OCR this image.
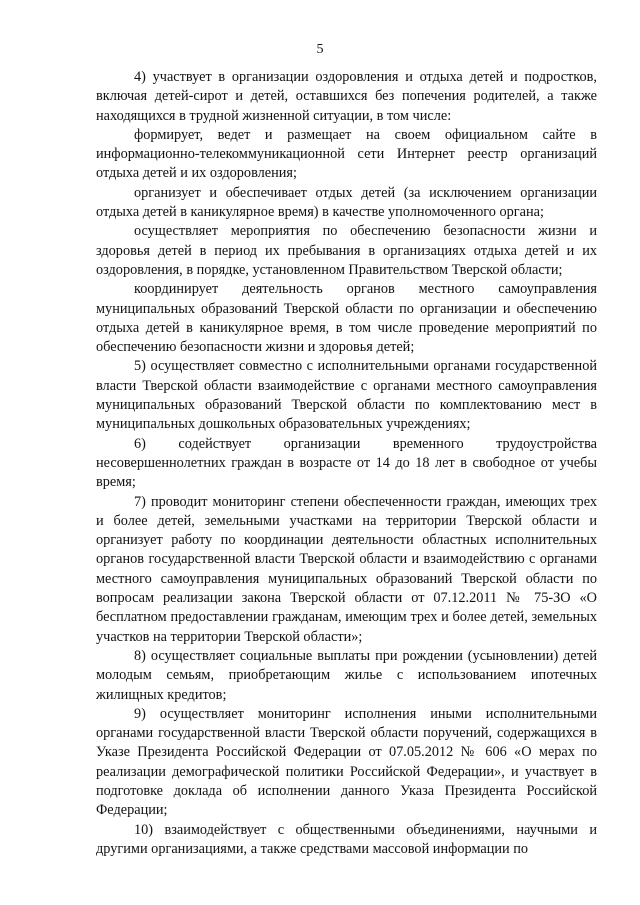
5

4) участвует в организации оздоровления и отдыха детей и подростков, включая детей-сирот и детей, оставшихся без попечения родителей, а также находящихся в трудной жизненной ситуации, в том числе:

формирует, ведет и размещает на своем официальном сайте в информационно-телекоммуникационной сети Интернет реестр организаций отдыха детей и их оздоровления;

организует и обеспечивает отдых детей (за исключением организации отдыха детей в каникулярное время) в качестве уполномоченного органа;

осуществляет мероприятия по обеспечению безопасности жизни и здоровья детей в период их пребывания в организациях отдыха детей и их оздоровления, в порядке, установленном Правительством Тверской области;

координирует деятельность органов местного самоуправления муниципальных образований Тверской области по организации и обеспечению отдыха детей в каникулярное время, в том числе проведение мероприятий по обеспечению безопасности жизни и здоровья детей;

5) осуществляет совместно с исполнительными органами государственной власти Тверской области взаимодействие с органами местного самоуправления муниципальных образований Тверской области по комплектованию мест в муниципальных дошкольных образовательных учреждениях;

6) содействует организации временного трудоустройства несовершеннолетних граждан в возрасте от 14 до 18 лет в свободное от учебы время;

7) проводит мониторинг степени обеспеченности граждан, имеющих трех и более детей, земельными участками на территории Тверской области и организует работу по координации деятельности областных исполнительных органов государственной власти Тверской области и взаимодействию с органами местного самоуправления муниципальных образований Тверской области по вопросам реализации закона Тверской области от 07.12.2011 № 75-ЗО «О бесплатном предоставлении гражданам, имеющим трех и более детей, земельных участков на территории Тверской области»;

8) осуществляет социальные выплаты при рождении (усыновлении) детей молодым семьям, приобретающим жилье с использованием ипотечных жилищных кредитов;

9) осуществляет мониторинг исполнения иными исполнительными органами государственной власти Тверской области поручений, содержащихся в Указе Президента Российской Федерации от 07.05.2012 № 606 «О мерах по реализации демографической политики Российской Федерации», и участвует в подготовке доклада об исполнении данного Указа Президента Российской Федерации;

10) взаимодействует с общественными объединениями, научными и другими организациями, а также средствами массовой информации по
